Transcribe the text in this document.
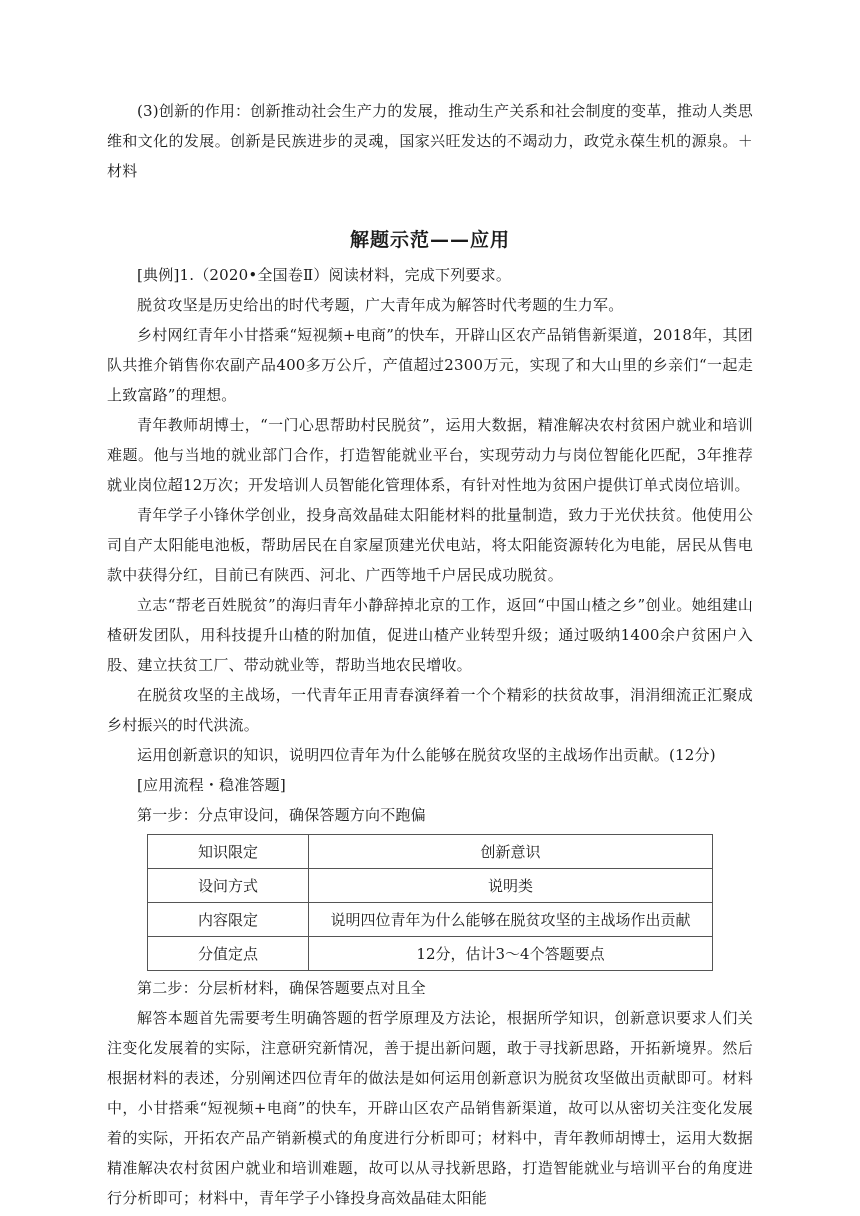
(3)创新的作用：创新推动社会生产力的发展，推动生产关系和社会制度的变革，推动人类思维和文化的发展。创新是民族进步的灵魂，国家兴旺发达的不竭动力，政党永葆生机的源泉。＋材料

解题示范——应用

[典例]1.（2020•全国卷Ⅱ）阅读材料，完成下列要求。

脱贫攻坚是历史给出的时代考题，广大青年成为解答时代考题的生力军。

乡村网红青年小甘搭乘“短视频+电商”的快车，开辟山区农产品销售新渠道，2018年，其团队共推介销售你农副产品400多万公斤，产值超过2300万元，实现了和大山里的乡亲们“一起走上致富路”的理想。

青年教师胡博士，“一门心思帮助村民脱贫”，运用大数据，精准解决农村贫困户就业和培训难题。他与当地的就业部门合作，打造智能就业平台，实现劳动力与岗位智能化匹配，3年推荐就业岗位超12万次；开发培训人员智能化管理体系，有针对性地为贫困户提供订单式岗位培训。

青年学子小锋休学创业，投身高效晶硅太阳能材料的批量制造，致力于光伏扶贫。他使用公司自产太阳能电池板，帮助居民在自家屋顶建光伏电站，将太阳能资源转化为电能，居民从售电款中获得分红，目前已有陕西、河北、广西等地千户居民成功脱贫。

立志“帮老百姓脱贫”的海归青年小静辞掉北京的工作，返回“中国山楂之乡”创业。她组建山楂研发团队，用科技提升山楂的附加值，促进山楂产业转型升级；通过吸纳1400余户贫困户入股、建立扶贫工厂、带动就业等，帮助当地农民增收。

在脱贫攻坚的主战场，一代青年正用青春演绎着一个个精彩的扶贫故事，涓涓细流正汇聚成乡村振兴的时代洪流。

运用创新意识的知识，说明四位青年为什么能够在脱贫攻坚的主战场作出贡献。(12分)

[应用流程・稳准答题]

第一步：分点审设问，确保答题方向不跑偏

知识限定	创新意识
设问方式	说明类
内容限定	说明四位青年为什么能够在脱贫攻坚的主战场作出贡献
分值定点	12分，估计3～4个答题要点

第二步：分层析材料，确保答题要点对且全

解答本题首先需要考生明确答题的哲学原理及方法论，根据所学知识，创新意识要求人们关注变化发展着的实际，注意研究新情况，善于提出新问题，敢于寻找新思路，开拓新境界。然后根据材料的表述，分别阐述四位青年的做法是如何运用创新意识为脱贫攻坚做出贡献即可。材料中，小甘搭乘“短视频+电商”的快车，开辟山区农产品销售新渠道，故可以从密切关注变化发展着的实际，开拓农产品产销新模式的角度进行分析即可；材料中，青年教师胡博士，运用大数据精准解决农村贫困户就业和培训难题，故可以从寻找新思路，打造智能就业与培训平台的角度进行分析即可；材料中，青年学子小锋投身高效晶硅太阳能
